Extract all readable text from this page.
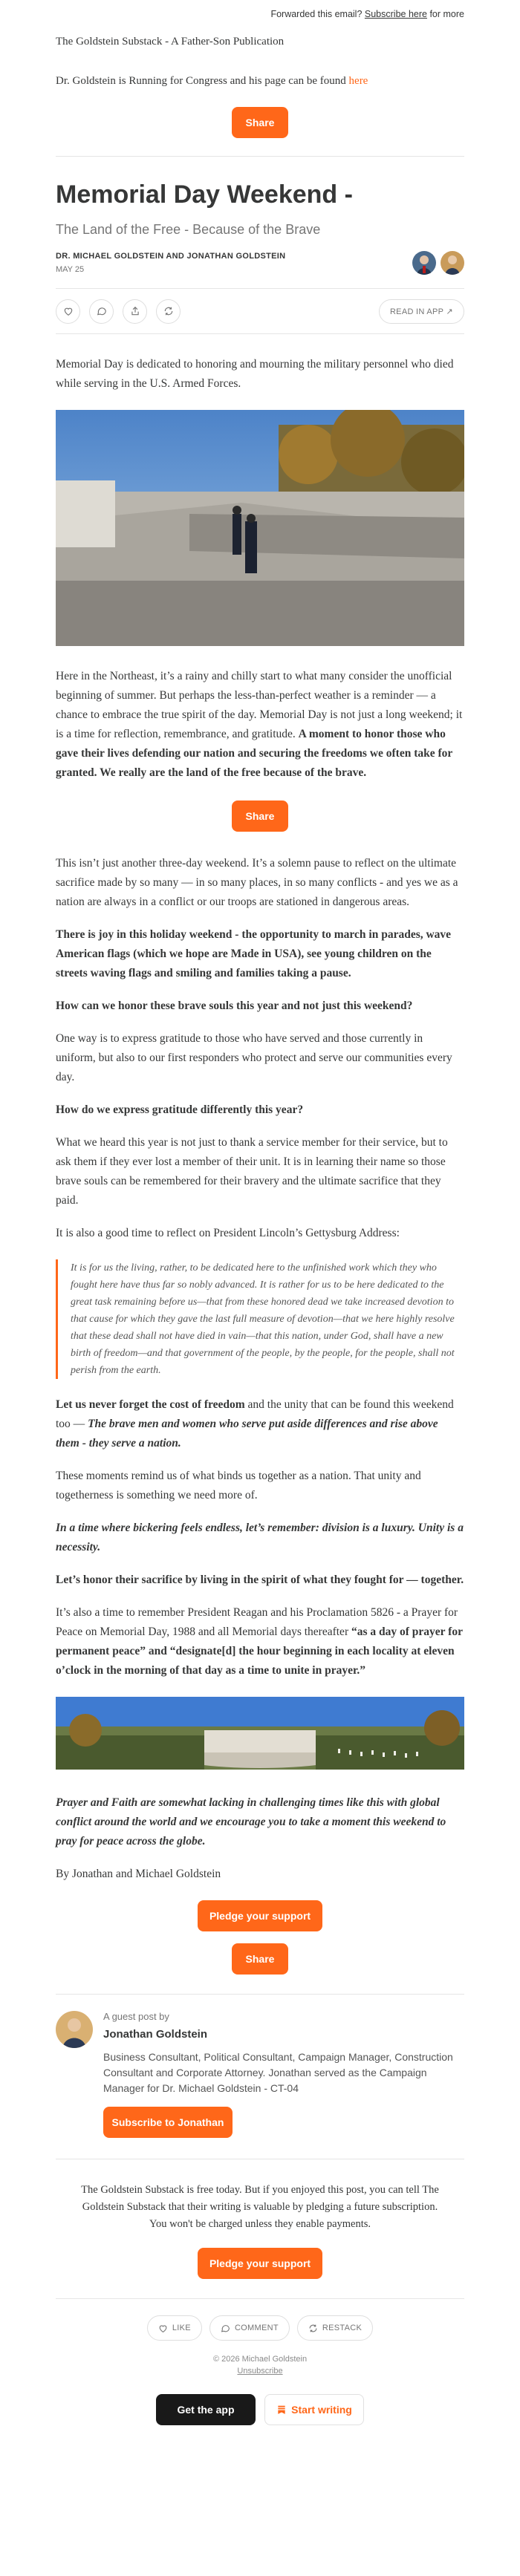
Forwarded this email? Subscribe here for more
The Goldstein Substack - A Father-Son Publication
Dr. Goldstein is Running for Congress and his page can be found here
Share
Memorial Day Weekend -
The Land of the Free - Because of the Brave
DR. MICHAEL GOLDSTEIN AND JONATHAN GOLDSTEIN
MAY 25
READ IN APP ↗

Memorial Day is dedicated to honoring and mourning the military personnel who died while serving in the U.S. Armed Forces.

Here in the Northeast, it’s a rainy and chilly start to what many consider the unofficial beginning of summer. But perhaps the less-than-perfect weather is a reminder — a chance to embrace the true spirit of the day. Memorial Day is not just a long weekend; it is a time for reflection, remembrance, and gratitude. A moment to honor those who gave their lives defending our nation and securing the freedoms we often take for granted. We really are the land of the free because of the brave.

Share

This isn’t just another three-day weekend. It’s a solemn pause to reflect on the ultimate sacrifice made by so many — in so many places, in so many conflicts - and yes we as a nation are always in a conflict or our troops are stationed in dangerous areas.

There is joy in this holiday weekend - the opportunity to march in parades, wave American flags (which we hope are Made in USA), see young children on the streets waving flags and smiling and families taking a pause.

How can we honor these brave souls this year and not just this weekend?

One way is to express gratitude to those who have served and those currently in uniform, but also to our first responders who protect and serve our communities every day.

How do we express gratitude differently this year?

What we heard this year is not just to thank a service member for their service, but to ask them if they ever lost a member of their unit. It is in learning their name so those brave souls can be remembered for their bravery and the ultimate sacrifice that they paid.

It is also a good time to reflect on President Lincoln’s Gettysburg Address:

It is for us the living, rather, to be dedicated here to the unfinished work which they who fought here have thus far so nobly advanced. It is rather for us to be here dedicated to the great task remaining before us—that from these honored dead we take increased devotion to that cause for which they gave the last full measure of devotion—that we here highly resolve that these dead shall not have died in vain—that this nation, under God, shall have a new birth of freedom—and that government of the people, by the people, for the people, shall not perish from the earth.

Let us never forget the cost of freedom and the unity that can be found this weekend too — The brave men and women who serve put aside differences and rise above them - they serve a nation.

These moments remind us of what binds us together as a nation. That unity and togetherness is something we need more of.

In a time where bickering feels endless, let’s remember: division is a luxury. Unity is a necessity.

Let’s honor their sacrifice by living in the spirit of what they fought for — together.

It’s also a time to remember President Reagan and his Proclamation 5826 - a Prayer for Peace on Memorial Day, 1988 and all Memorial days thereafter “as a day of prayer for permanent peace” and “designate[d] the hour beginning in each locality at eleven o’clock in the morning of that day as a time to unite in prayer.”

Prayer and Faith are somewhat lacking in challenging times like this with global conflict around the world and we encourage you to take a moment this weekend to pray for peace across the globe.

By Jonathan and Michael Goldstein

Pledge your support
Share
A guest post by
Jonathan Goldstein
Business Consultant, Political Consultant, Campaign Manager, Construction Consultant and Corporate Attorney. Jonathan served as the Campaign Manager for Dr. Michael Goldstein - CT-04
Subscribe to Jonathan
The Goldstein Substack is free today. But if you enjoyed this post, you can tell The Goldstein Substack that their writing is valuable by pledging a future subscription. You won't be charged unless they enable payments.
Pledge your support
LIKE	COMMENT	RESTACK
© 2026 Michael Goldstein
Unsubscribe
Get the app	Start writing
